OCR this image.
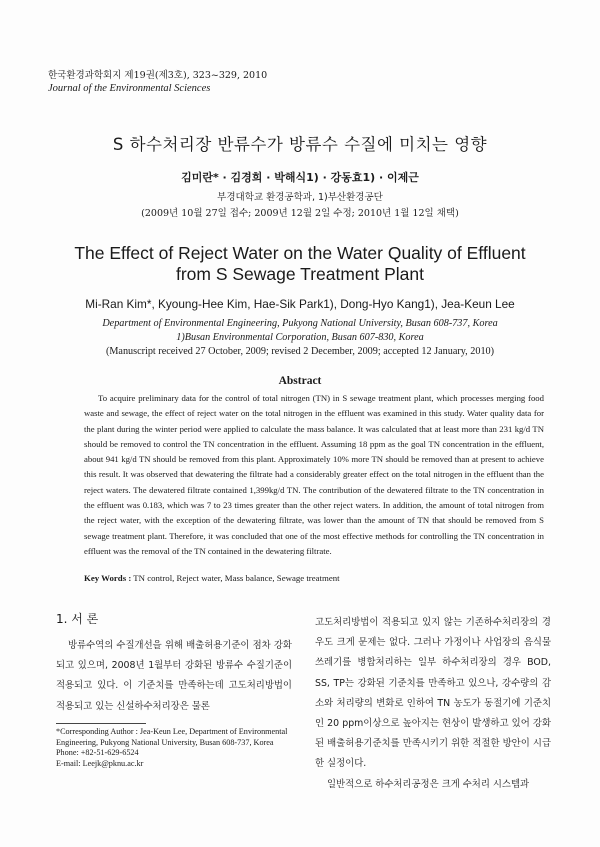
한국환경과학회지 제19권(제3호), 323~329, 2010
Journal of the Environmental Sciences
S 하수처리장 반류수가 방류수 수질에 미치는 영향
김미란* · 김경희 · 박해식1) · 강동효1) · 이제근
부경대학교 환경공학과, 1)부산환경공단
(2009년 10월 27일 접수; 2009년 12월 2일 수정; 2010년 1월 12일 채택)
The Effect of Reject Water on the Water Quality of Effluent
from S Sewage Treatment Plant
Mi-Ran Kim*, Kyoung-Hee Kim, Hae-Sik Park1), Dong-Hyo Kang1), Jea-Keun Lee
Department of Environmental Engineering, Pukyong National University, Busan 608-737, Korea
1)Busan Environmental Corporation, Busan 607-830, Korea
(Manuscript received 27 October, 2009; revised 2 December, 2009; accepted 12 January, 2010)
Abstract
To acquire preliminary data for the control of total nitrogen (TN) in S sewage treatment plant, which processes merging food waste and sewage, the effect of reject water on the total nitrogen in the effluent was examined in this study. Water quality data for the plant during the winter period were applied to calculate the mass balance. It was calculated that at least more than 231 kg/d TN should be removed to control the TN concentration in the effluent. Assuming 18 ppm as the goal TN concentration in the effluent, about 941 kg/d TN should be removed from this plant. Approximately 10% more TN should be removed than at present to achieve this result. It was observed that dewatering the filtrate had a considerably greater effect on the total nitrogen in the effluent than the reject waters. The dewatered filtrate contained 1,399kg/d TN. The contribution of the dewatered filtrate to the TN concentration in the effluent was 0.183, which was 7 to 23 times greater than the other reject waters. In addition, the amount of total nitrogen from the reject water, with the exception of the dewatering filtrate, was lower than the amount of TN that should be removed from S sewage treatment plant. Therefore, it was concluded that one of the most effective methods for controlling the TN concentration in effluent was the removal of the TN contained in the dewatering filtrate.
Key Words : TN control, Reject water, Mass balance, Sewage treatment
1. 서 론
방류수역의 수질개선을 위해 배출허용기준이 점차 강화되고 있으며, 2008년 1월부터 강화된 방류수 수질기준이 적용되고 있다. 이 기준치를 만족하는데 고도처리방법이 적용되고 있는 신설하수처리장은 물론

고도처리방법이 적용되고 있지 않는 기존하수처리장의 경우도 크게 문제는 없다. 그러나 가정이나 사업장의 음식물쓰레기를 병합처리하는 일부 하수처리장의 경우 BOD, SS, TP는 강화된 기준치를 만족하고 있으나, 강수량의 감소와 처리량의 변화로 인하여 TN 농도가 동절기에 기준치인 20 ppm이상으로 높아지는 현상이 발생하고 있어 강화된 배출허용기준치를 만족시키기 위한 적절한 방안이 시급한 실정이다.

일반적으로 하수처리공정은 크게 수처리 시스템과

*Corresponding Author : Jea-Keun Lee, Department of Environmental Engineering, Pukyong National University, Busan 608-737, Korea
Phone: +82-51-629-6524
E-mail: Leejk@pknu.ac.kr
